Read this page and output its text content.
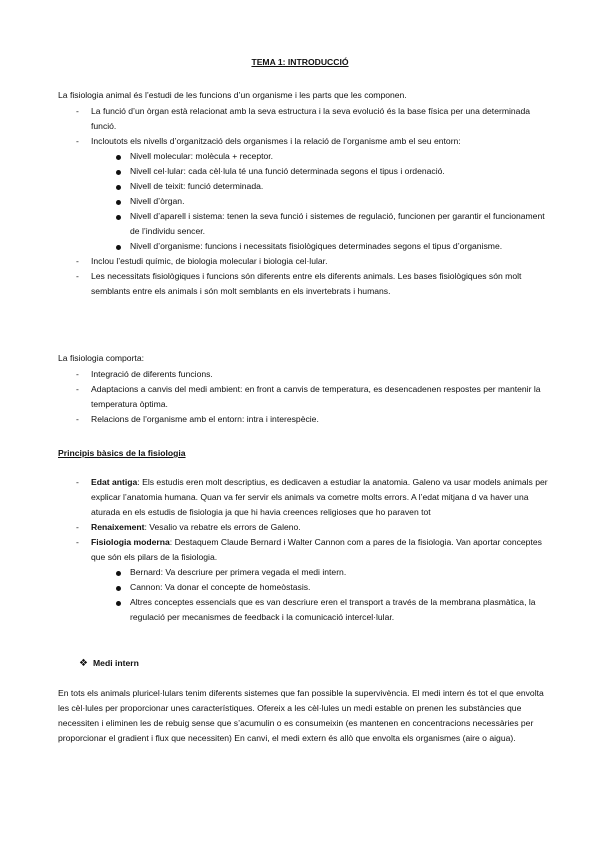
TEMA 1: INTRODUCCIÓ

La fisiologia animal és l’estudi de les funcions d’un organisme i les parts que les componen.

- La funció d’un òrgan està relacionat amb la seva estructura i la seva evolució és la base física per una determinada funció.
- Incloutots els nivells d’organització dels organismes i la relació de l’organisme amb el seu entorn:
Nivell molecular: molècula + receptor.
Nivell cel·lular: cada cèl·lula té una funció determinada segons el tipus i ordenació.
Nivell de teixit: funció determinada.
Nivell d’òrgan.
Nivell d’aparell i sistema: tenen la seva funció i sistemes de regulació, funcionen per garantir el funcionament de l’individu sencer.
Nivell d’organisme: funcions i necessitats fisiològiques determinades segons el tipus d’organisme.
- Inclou l’estudi químic, de biologia molecular i biologia cel·lular.
- Les necessitats fisiològiques i funcions són diferents entre els diferents animals. Les bases fisiològiques són molt semblants entre els animals i són molt semblants en els invertebrats i humans.

La fisiologia comporta:

- Integració de diferents funcions.
- Adaptacions a canvis del medi ambient: en front a canvis de temperatura, es desencadenen respostes per mantenir la temperatura òptima.
- Relacions de l’organisme amb el entorn: intra i interespècie.
Principis bàsics de la fisiologia
- Edat antiga: Els estudis eren molt descriptius, es dedicaven a estudiar la anatomia. Galeno va usar models animals per explicar l’anatomia humana. Quan va fer servir els animals va cometre molts errors. A l’edat mitjana d va haver una aturada en els estudis de fisiologia ja que hi havia creences religioses que ho paraven tot
- Renaixement: Vesalio va rebatre els errors de Galeno.
- Fisiologia moderna: Destaquem Claude Bernard i Walter Cannon com a pares de la fisiologia. Van aportar conceptes que són els pilars de la fisiologia.
Bernard: Va descriure per primera vegada el medi intern.
Cannon: Va donar el concepte de homeòstasis.
Altres conceptes essencials que es van descriure eren el transport a través de la membrana plasmàtica, la regulació per mecanismes de feedback i la comunicació intercel·lular.
❖ Medi intern

En tots els animals pluricel·lulars tenim diferents sistemes que fan possible la supervivència. El medi intern és tot el que envolta les cèl·lules per proporcionar unes característiques. Ofereix a les cèl·lules un medi estable on prenen les substàncies que necessiten i eliminen les de rebuig sense que s’acumulin o es consumeixin (es mantenen en concentracions necessàries per proporcionar el gradient i flux que necessiten) En canvi, el medi extern és allò que envolta els organismes (aire o aigua).
